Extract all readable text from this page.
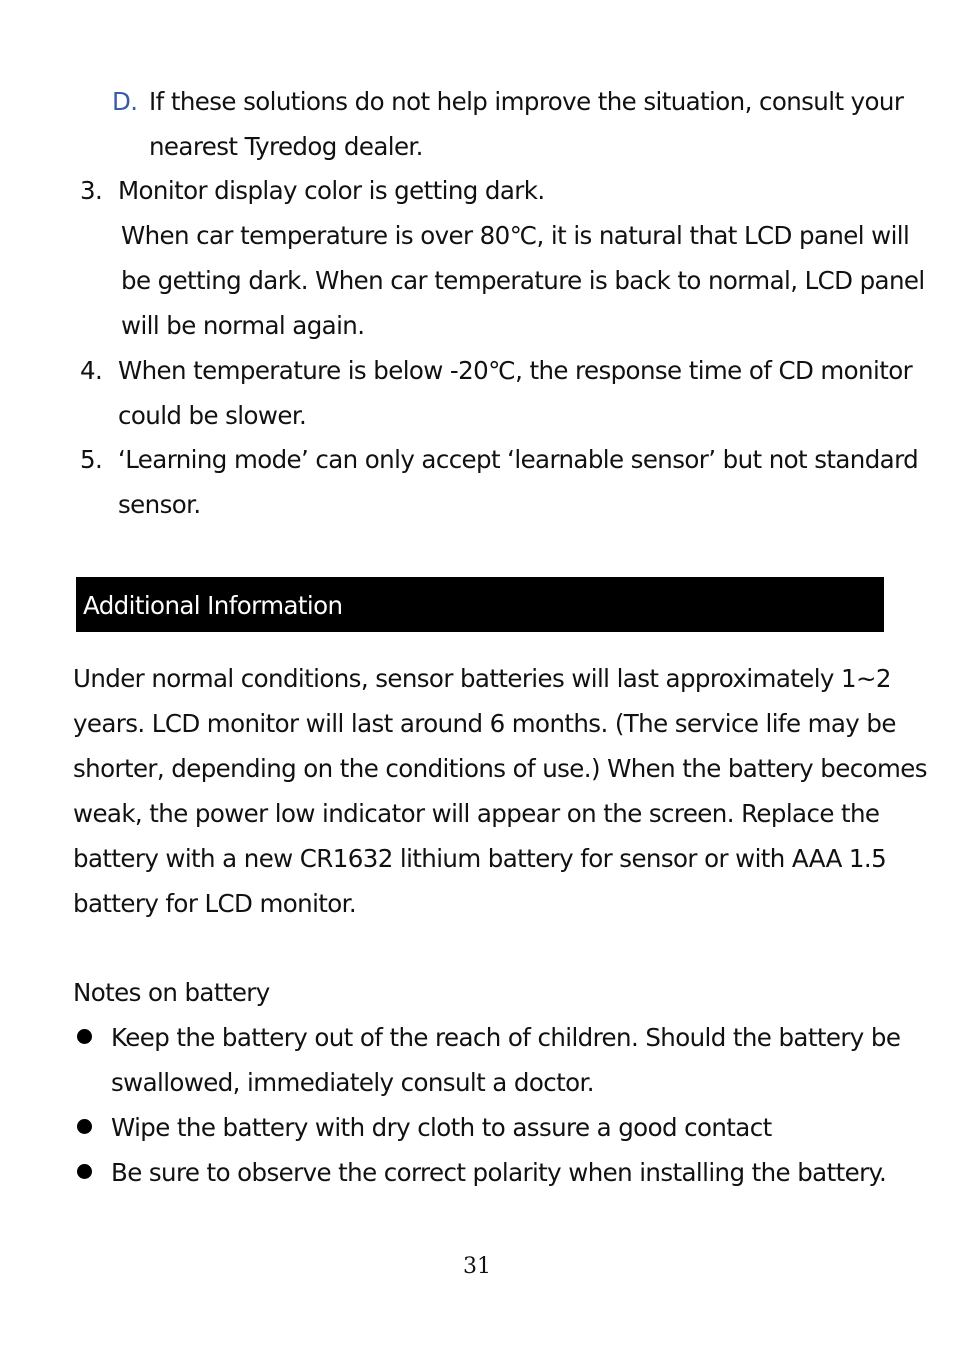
D. If these solutions do not help improve the situation, consult your
nearest Tyredog dealer.
3. Monitor display color is getting dark.
When car temperature is over 80℃, it is natural that LCD panel will
be getting dark. When car temperature is back to normal, LCD panel
will be normal again.
4. When temperature is below -20℃, the response time of CD monitor
could be slower.
5. ‘Learning mode’ can only accept ‘learnable sensor’ but not standard
sensor.
Additional Information
Under normal conditions, sensor batteries will last approximately 1~2
years. LCD monitor will last around 6 months. (The service life may be
shorter, depending on the conditions of use.) When the battery becomes
weak, the power low indicator will appear on the screen. Replace the
battery with a new CR1632 lithium battery for sensor or with AAA 1.5
battery for LCD monitor.
Notes on battery
Keep the battery out of the reach of children. Should the battery be
swallowed, immediately consult a doctor.
Wipe the battery with dry cloth to assure a good contact
Be sure to observe the correct polarity when installing the battery.
31
